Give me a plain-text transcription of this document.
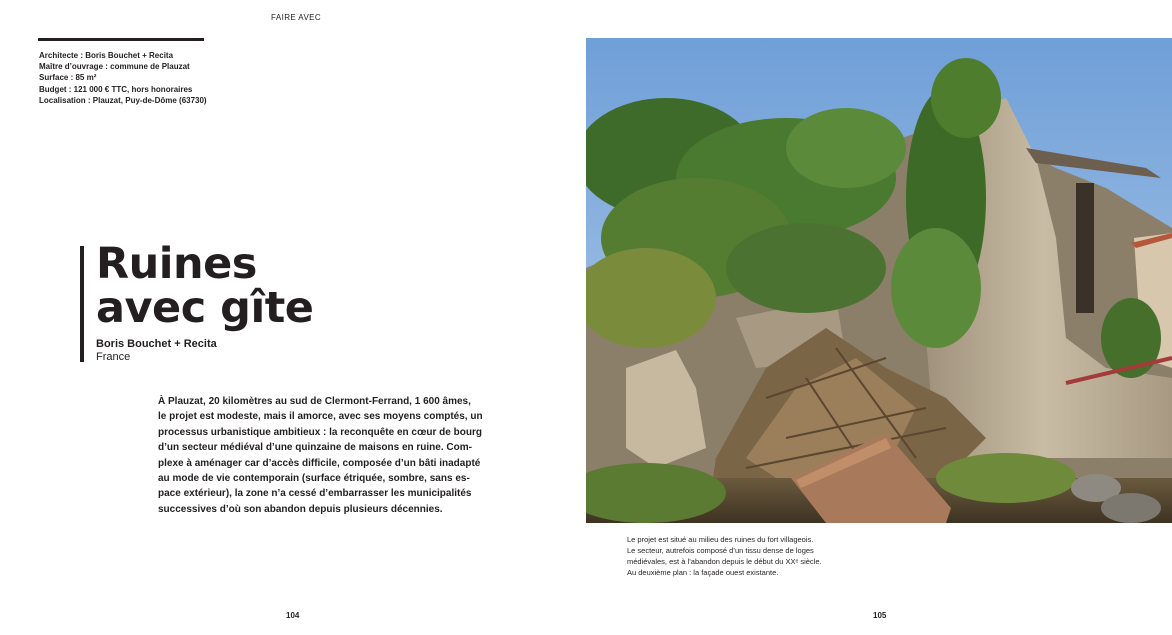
FAIRE AVEC
Architecte : Boris Bouchet + Recita
Maître d’ouvrage : commune de Plauzat
Surface : 85 m²
Budget : 121 000 € TTC, hors honoraires
Localisation : Plauzat, Puy-de-Dôme (63730)
Ruines
avec gîte
Boris Bouchet + Recita
France
À Plauzat, 20 kilomètres au sud de Clermont-Ferrand, 1 600 âmes,
le projet est modeste, mais il amorce, avec ses moyens comptés, un
processus urbanistique ambitieux : la reconquête en cœur de bourg
d’un secteur médiéval d’une quinzaine de maisons en ruine. Com-
plexe à aménager car d’accès difficile, composée d’un bâti inadapté
au mode de vie contemporain (surface étriquée, sombre, sans es-
pace extérieur), la zone n’a cessé d’embarrasser les municipalités
successives d’où son abandon depuis plusieurs décennies.
104
Le projet est situé au milieu des ruines du fort villageois.
Le secteur, autrefois composé d’un tissu dense de loges
médiévales, est à l’abandon depuis le début du XXᵉ siècle.
Au deuxième plan : la façade ouest existante.
105
